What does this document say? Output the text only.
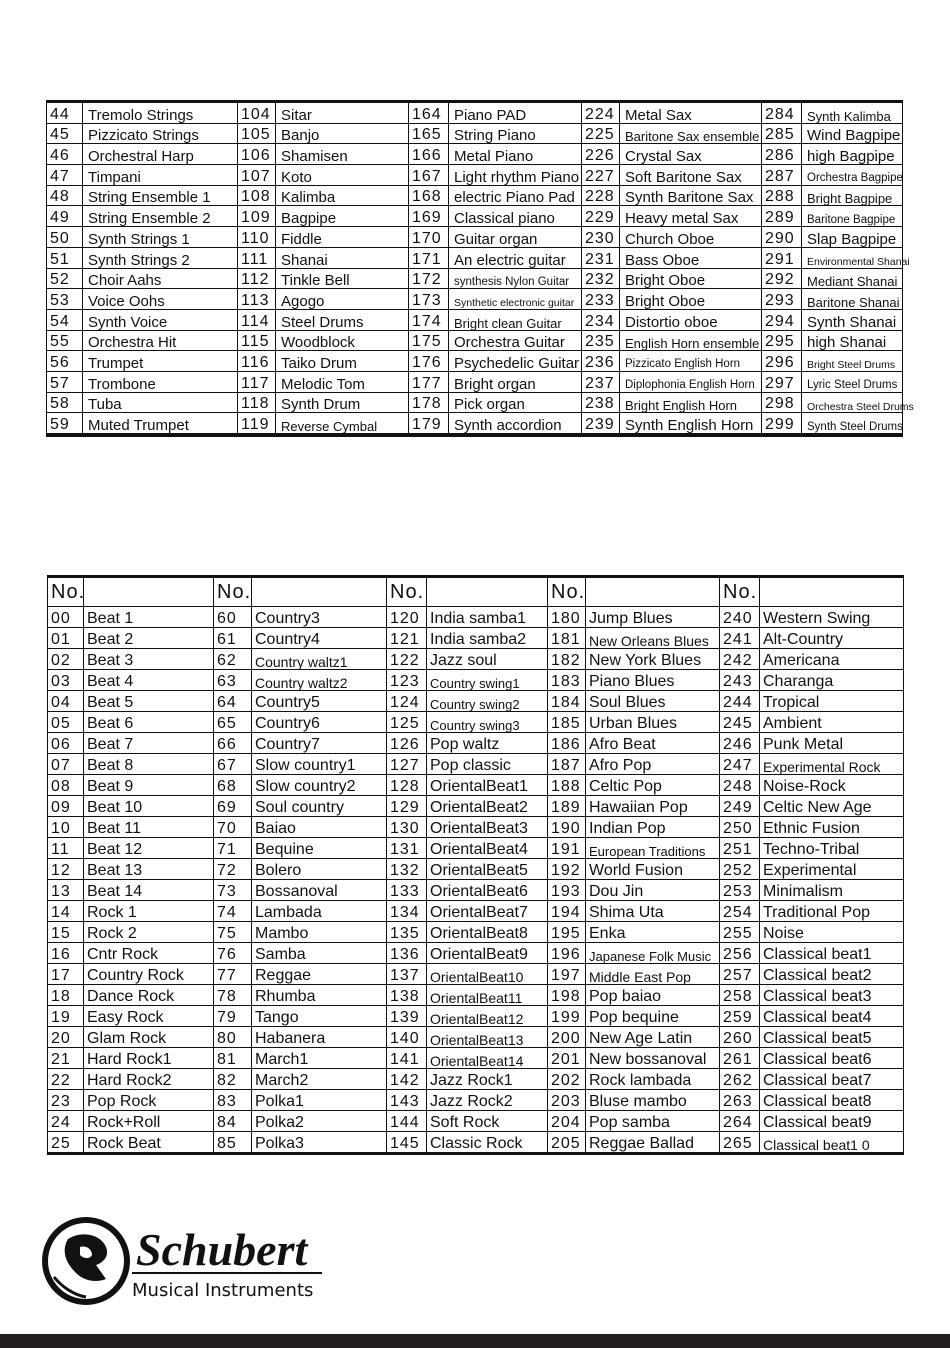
44	Tremolo Strings	104	Sitar	164	Piano PAD	224	Metal Sax	284	Synth Kalimba
45	Pizzicato Strings	105	Banjo	165	String Piano	225	Baritone Sax ensemble	285	Wind Bagpipe
46	Orchestral Harp	106	Shamisen	166	Metal Piano	226	Crystal Sax	286	high Bagpipe
47	Timpani	107	Koto	167	Light rhythm Piano	227	Soft Baritone Sax	287	Orchestra Bagpipe
48	String Ensemble 1	108	Kalimba	168	electric Piano Pad	228	Synth Baritone Sax	288	Bright Bagpipe
49	String Ensemble 2	109	Bagpipe	169	Classical piano	229	Heavy metal Sax	289	Baritone Bagpipe
50	Synth Strings 1	110	Fiddle	170	Guitar organ	230	Church Oboe	290	Slap Bagpipe
51	Synth Strings 2	111	Shanai	171	An electric guitar	231	Bass Oboe	291	Environmental Shanai
52	Choir Aahs	112	Tinkle Bell	172	synthesis Nylon Guitar	232	Bright Oboe	292	Mediant Shanai
53	Voice Oohs	113	Agogo	173	Synthetic electronic guitar	233	Bright Oboe	293	Baritone Shanai
54	Synth Voice	114	Steel Drums	174	Bright clean Guitar	234	Distortio oboe	294	Synth Shanai
55	Orchestra Hit	115	Woodblock	175	Orchestra Guitar	235	English Horn ensemble	295	high Shanai
56	Trumpet	116	Taiko Drum	176	Psychedelic Guitar	236	Pizzicato English Horn	296	Bright Steel Drums
57	Trombone	117	Melodic Tom	177	Bright organ	237	Diplophonia English Horn	297	Lyric Steel Drums
58	Tuba	118	Synth Drum	178	Pick organ	238	Bright English Horn	298	Orchestra Steel Drums
59	Muted Trumpet	119	Reverse Cymbal	179	Synth accordion	239	Synth English Horn	299	Synth Steel Drums
No.		No.		No.		No.		No.	
00	Beat 1	60	Country3	120	India samba1	180	Jump Blues	240	Western Swing
01	Beat 2	61	Country4	121	India samba2	181	New Orleans Blues	241	Alt-Country
02	Beat 3	62	Country waltz1	122	Jazz soul	182	New York Blues	242	Americana
03	Beat 4	63	Country waltz2	123	Country swing1	183	Piano Blues	243	Charanga
04	Beat 5	64	Country5	124	Country swing2	184	Soul Blues	244	Tropical
05	Beat 6	65	Country6	125	Country swing3	185	Urban Blues	245	Ambient
06	Beat 7	66	Country7	126	Pop waltz	186	Afro Beat	246	Punk Metal
07	Beat 8	67	Slow country1	127	Pop classic	187	Afro Pop	247	Experimental Rock
08	Beat 9	68	Slow country2	128	OrientalBeat1	188	Celtic Pop	248	Noise-Rock
09	Beat 10	69	Soul country	129	OrientalBeat2	189	Hawaiian Pop	249	Celtic New Age
10	Beat 11	70	Baiao	130	OrientalBeat3	190	Indian Pop	250	Ethnic Fusion
11	Beat 12	71	Bequine	131	OrientalBeat4	191	European Traditions	251	Techno-Tribal
12	Beat 13	72	Bolero	132	OrientalBeat5	192	World Fusion	252	Experimental
13	Beat 14	73	Bossanoval	133	OrientalBeat6	193	Dou Jin	253	Minimalism
14	Rock 1	74	Lambada	134	OrientalBeat7	194	Shima Uta	254	Traditional Pop
15	Rock 2	75	Mambo	135	OrientalBeat8	195	Enka	255	Noise
16	Cntr Rock	76	Samba	136	OrientalBeat9	196	Japanese Folk Music	256	Classical beat1
17	Country Rock	77	Reggae	137	OrientalBeat10	197	Middle East Pop	257	Classical beat2
18	Dance Rock	78	Rhumba	138	OrientalBeat11	198	Pop baiao	258	Classical beat3
19	Easy Rock	79	Tango	139	OrientalBeat12	199	Pop bequine	259	Classical beat4
20	Glam Rock	80	Habanera	140	OrientalBeat13	200	New Age Latin	260	Classical beat5
21	Hard Rock1	81	March1	141	OrientalBeat14	201	New bossanoval	261	Classical beat6
22	Hard Rock2	82	March2	142	Jazz Rock1	202	Rock lambada	262	Classical beat7
23	Pop Rock	83	Polka1	143	Jazz Rock2	203	Bluse mambo	263	Classical beat8
24	Rock+Roll	84	Polka2	144	Soft Rock	204	Pop samba	264	Classical beat9
25	Rock Beat	85	Polka3	145	Classic Rock	205	Reggae Ballad	265	Classical beat1 0
Schubert
Musical Instruments
